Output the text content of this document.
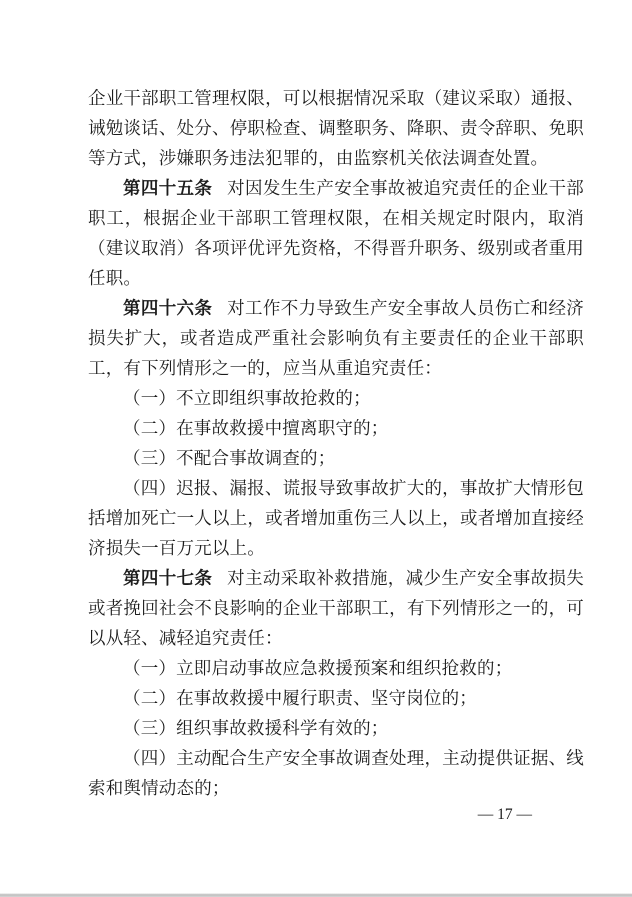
企业干部职工管理权限，可以根据情况采取（建议采取）通报、诫勉谈话、处分、停职检查、调整职务、降职、责令辞职、免职等方式，涉嫌职务违法犯罪的，由监察机关依法调查处置。

第四十五条 对因发生生产安全事故被追究责任的企业干部职工，根据企业干部职工管理权限，在相关规定时限内，取消（建议取消）各项评优评先资格，不得晋升职务、级别或者重用任职。

第四十六条 对工作不力导致生产安全事故人员伤亡和经济损失扩大，或者造成严重社会影响负有主要责任的企业干部职工，有下列情形之一的，应当从重追究责任：

（一）不立即组织事故抢救的；

（二）在事故救援中擅离职守的；

（三）不配合事故调查的；

（四）迟报、漏报、谎报导致事故扩大的，事故扩大情形包括增加死亡一人以上，或者增加重伤三人以上，或者增加直接经济损失一百万元以上。

第四十七条 对主动采取补救措施，减少生产安全事故损失或者挽回社会不良影响的企业干部职工，有下列情形之一的，可以从轻、减轻追究责任：

（一）立即启动事故应急救援预案和组织抢救的；

（二）在事故救援中履行职责、坚守岗位的；

（三）组织事故救援科学有效的；

（四）主动配合生产安全事故调查处理，主动提供证据、线索和舆情动态的；

— 17 —
